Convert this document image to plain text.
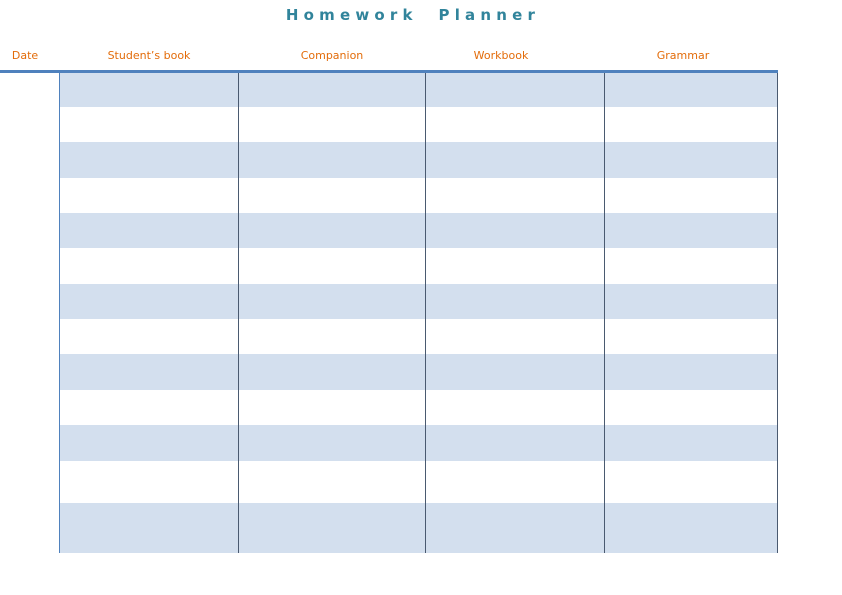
Homework  Planner
Date	Student’s book	Companion	Workbook	Grammar
